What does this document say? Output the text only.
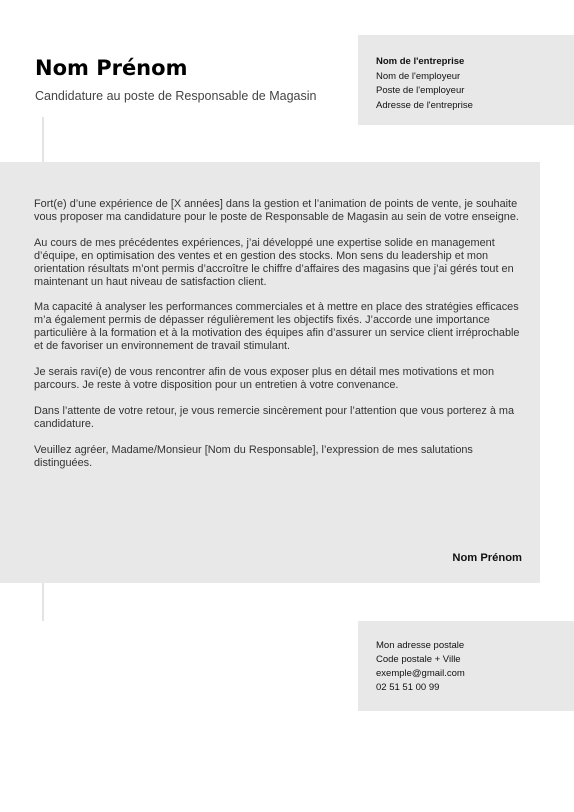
Nom Prénom
Candidature au poste de Responsable de Magasin
Nom de l'entreprise
Nom de l'employeur
Poste de l'employeur
Adresse de l'entreprise

Fort(e) d’une expérience de [X années] dans la gestion et l’animation de points de vente, je souhaite vous proposer ma candidature pour le poste de Responsable de Magasin au sein de votre enseigne.

Au cours de mes précédentes expériences, j’ai développé une expertise solide en management d’équipe, en optimisation des ventes et en gestion des stocks. Mon sens du leadership et mon orientation résultats m’ont permis d’accroître le chiffre d’affaires des magasins que j’ai gérés tout en maintenant un haut niveau de satisfaction client.

Ma capacité à analyser les performances commerciales et à mettre en place des stratégies efficaces m’a également permis de dépasser régulièrement les objectifs fixés. J’accorde une importance particulière à la formation et à la motivation des équipes afin d’assurer un service client irréprochable et de favoriser un environnement de travail stimulant.

Je serais ravi(e) de vous rencontrer afin de vous exposer plus en détail mes motivations et mon parcours. Je reste à votre disposition pour un entretien à votre convenance.

Dans l’attente de votre retour, je vous remercie sincèrement pour l’attention que vous porterez à ma candidature.

Veuillez agréer, Madame/Monsieur [Nom du Responsable], l’expression de mes salutations distinguées.

Nom Prénom
Mon adresse postale
Code postale + Ville
exemple@gmail.com
02 51 51 00 99
